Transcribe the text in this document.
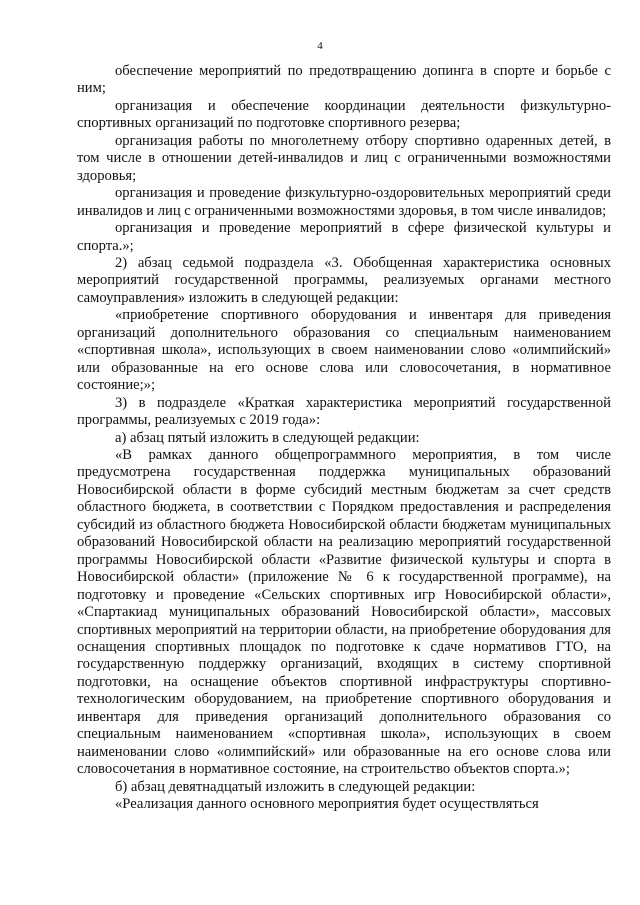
4

обеспечение мероприятий по предотвращению допинга в спорте и борьбе с ним;

организация и обеспечение координации деятельности физкультурно-спортивных организаций по подготовке спортивного резерва;

организация работы по многолетнему отбору спортивно одаренных детей, в том числе в отношении детей-инвалидов и лиц с ограниченными возможностями здоровья;

организация и проведение физкультурно-оздоровительных мероприятий среди инвалидов и лиц с ограниченными возможностями здоровья, в том числе инвалидов;

организация и проведение мероприятий в сфере физической культуры и спорта.»;

2) абзац седьмой подраздела «3. Обобщенная характеристика основных мероприятий государственной программы, реализуемых органами местного самоуправления» изложить в следующей редакции:

«приобретение спортивного оборудования и инвентаря для приведения организаций дополнительного образования со специальным наименованием «спортивная школа», использующих в своем наименовании слово «олимпийский» или образованные на его основе слова или словосочетания, в нормативное состояние;»;

3) в подразделе «Краткая характеристика мероприятий государственной программы, реализуемых с 2019 года»:

а) абзац пятый изложить в следующей редакции:

«В рамках данного общепрограммного мероприятия, в том числе предусмотрена государственная поддержка муниципальных образований Новосибирской области в форме субсидий местным бюджетам за счет средств областного бюджета, в соответствии с Порядком предоставления и распределения субсидий из областного бюджета Новосибирской области бюджетам муниципальных образований Новосибирской области на реализацию мероприятий государственной программы Новосибирской области «Развитие физической культуры и спорта в Новосибирской области» (приложение № 6 к государственной программе), на подготовку и проведение «Сельских спортивных игр Новосибирской области», «Спартакиад муниципальных образований Новосибирской области», массовых спортивных мероприятий на территории области, на приобретение оборудования для оснащения спортивных площадок по подготовке к сдаче нормативов ГТО, на государственную поддержку организаций, входящих в систему спортивной подготовки, на оснащение объектов спортивной инфраструктуры спортивно-технологическим оборудованием, на приобретение спортивного оборудования и инвентаря для приведения организаций дополнительного образования со специальным наименованием «спортивная школа», использующих в своем наименовании слово «олимпийский» или образованные на его основе слова или словосочетания в нормативное состояние, на строительство объектов спорта.»;

б) абзац девятнадцатый изложить в следующей редакции:

«Реализация данного основного мероприятия будет осуществляться
